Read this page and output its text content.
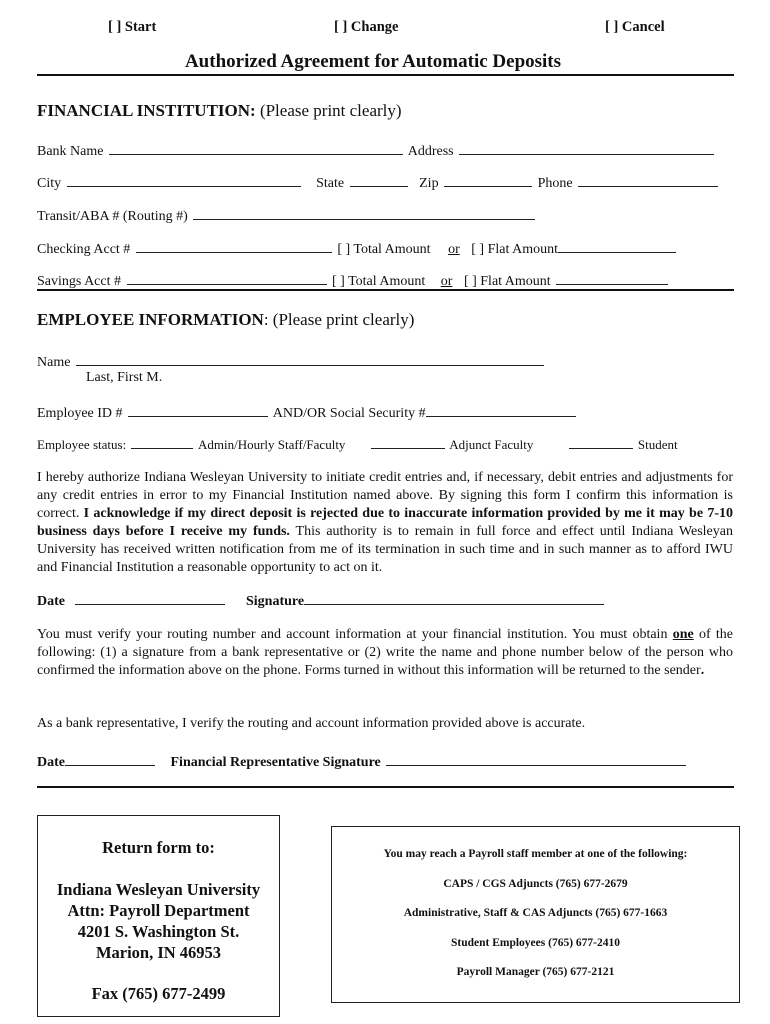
[ ] Start	[ ] Change	[ ] Cancel
Authorized Agreement for Automatic Deposits
FINANCIAL INSTITUTION: (Please print clearly)
Bank Name	Address
City	State	Zip	Phone
Transit/ABA # (Routing #)
Checking Acct #	[ ] Total Amount or [ ] Flat Amount
Savings Acct #	[ ] Total Amount or [ ] Flat Amount
EMPLOYEE INFORMATION: (Please print clearly)
Name
Last, First M.
Employee ID #	AND/OR Social Security #
Employee status:	Admin/Hourly Staff/Faculty	Adjunct Faculty	Student
I hereby authorize Indiana Wesleyan University to initiate credit entries and, if necessary, debit entries and adjustments for any credit entries in error to my Financial Institution named above. By signing this form I confirm this information is correct. I acknowledge if my direct deposit is rejected due to inaccurate information provided by me it may be 7-10 business days before I receive my funds. This authority is to remain in full force and effect until Indiana Wesleyan University has received written notification from me of its termination in such time and in such manner as to afford IWU and Financial Institution a reasonable opportunity to act on it.
Date	Signature
You must verify your routing number and account information at your financial institution. You must obtain one of the following: (1) a signature from a bank representative or (2) write the name and phone number below of the person who confirmed the information above on the phone. Forms turned in without this information will be returned to the sender.
As a bank representative, I verify the routing and account information provided above is accurate.
Date	Financial Representative Signature
Return form to:
Indiana Wesleyan University
Attn: Payroll Department
4201 S. Washington St.
Marion, IN 46953
Fax (765) 677-2499
You may reach a Payroll staff member at one of the following:
CAPS / CGS Adjuncts (765) 677-2679
Administrative, Staff & CAS Adjuncts (765) 677-1663
Student Employees (765) 677-2410
Payroll Manager (765) 677-2121
